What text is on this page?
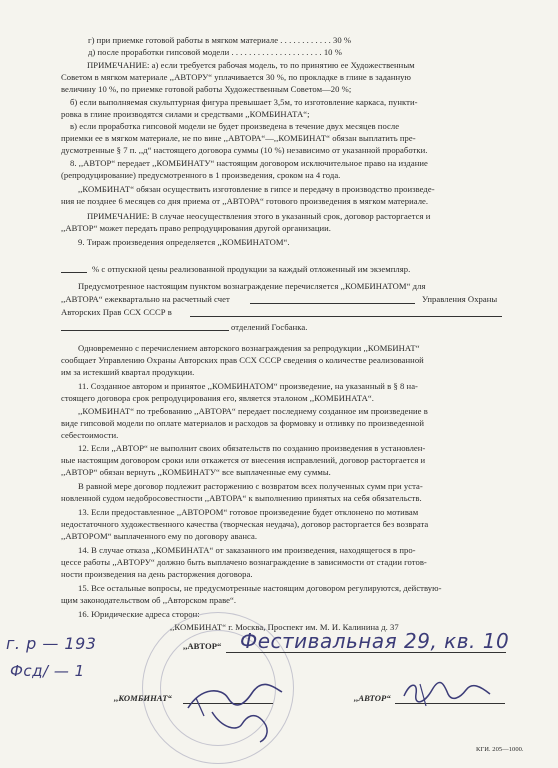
г) при приемке готовой работы в мягком материале . . . . . . . . . . . . 30 %
д) после проработки гипсовой модели . . . . . . . . . . . . . . . . . . . . . 10 %
ПРИМЕЧАНИЕ: а) если требуется рабочая модель, то по принятию ее Художественным
Советом в мягком материале ,,АВТОРУ“ уплачивается 30 %, по прокладке в глине в заданную
величину 10 %, по приемке готовой работы Художественным Советом—20 %;
б) если выполняемая скульптурная фигура превышает 3,5м, то изготовление каркаса, пункти-
ровка в глине производятся силами и средствами ,,КОМБИНАТА“;
в) если проработка гипсовой модели не будет произведена в течение двух месяцев после
приемки ее в мягком материале, не по вине ,,АВТОРА“—,,КОМБИНАТ“ обязан выплатить пре-
дусмотренные § 7 п. ,,д“ настоящего договора суммы (10 %) независимо от указанной проработки.
8. ,,АВТОР“ передает ,,КОМБИНАТУ“ настоящим договором исключительное право на издание
(репродуцирование) предусмотренного в 1 произведения, сроком на 4 года.
,,КОМБИНАТ“ обязан осуществить изготовление в гипсе и передачу в производство произведе-
ния не позднее 6 месяцев со дня приема от ,,АВТОРА“ готового произведения в мягком материале.
ПРИМЕЧАНИЕ: В случае неосуществления этого в указанный срок, договор расторгается и
,,АВТОР“ может передать право репродуцирования другой организации.
9. Тираж произведения определяется ,,КОМБИНАТОМ“.
% с отпускной цены реализованной продукции за каждый отложенный им экземпляр.
Предусмотренное настоящим пунктом вознаграждение перечисляется ,,КОМБИНАТОМ“ для
,,АВТОРА“ ежеквартально на расчетный счет	Управления Охраны
Авторских Прав ССХ СССР в
отделений Госбанка.
Одновременно с перечислением авторского вознаграждения за репродукции ,,КОМБИНАТ“
сообщает Управлению Охраны Авторских прав ССХ СССР сведения о количестве реализованной
им за истекший квартал продукции.
11. Созданное автором и принятое ,,КОМБИНАТОМ“ произведение, на указанный в § 8 на-
стоящего договора срок репродуцирования его, является эталоном ,,КОМБИНАТА“.
,,КОМБИНАТ“ по требованию ,,АВТОРА“ передает последнему созданное им произведение в
виде гипсовой модели по оплате материалов и расходов за формовку и отливку по произведенной
себестоимости.
12. Если ,,АВТОР“ не выполнит своих обязательств по созданию произведения в установлен-
ные настоящим договором сроки или откажется от внесения исправлений, договор расторгается и
,,АВТОР“ обязан вернуть ,,КОМБИНАТУ“ все выплаченные ему суммы.
В равной мере договор подлежит расторжению с возвратом всех полученных сумм при уста-
новленной судом недобросовестности ,,АВТОРА“ к выполнению принятых на себя обязательств.
13. Если предоставленное ,,АВТОРОМ“ готовое произведение будет отклонено по мотивам
недостаточного художественного качества (творческая неудача), договор расторгается без возврата
,,АВТОРОМ“ выплаченного ему по договору аванса.
14. В случае отказа ,,КОМБИНАТА“ от заказанного им произведения, находящегося в про-
цессе работы ,,АВТОРУ“ должно быть выплачено вознаграждение в зависимости от стадии готов-
ности произведения на день расторжения договора.
15. Все остальные вопросы, не предусмотренные настоящим договором регулируются, действую-
щим законодательством об ,,Авторском праве“.
16. Юридические адреса сторон:
,,КОМБИНАТ“ г. Москва, Проспект им. М. И. Калинина д. 37
,,АВТОР“ Фестивальная 29, кв. 10
г. р — 193
Фсд/ — 1
,,КОМБИНАТ“	,,АВТОР“
КГИ. 205—1000.
